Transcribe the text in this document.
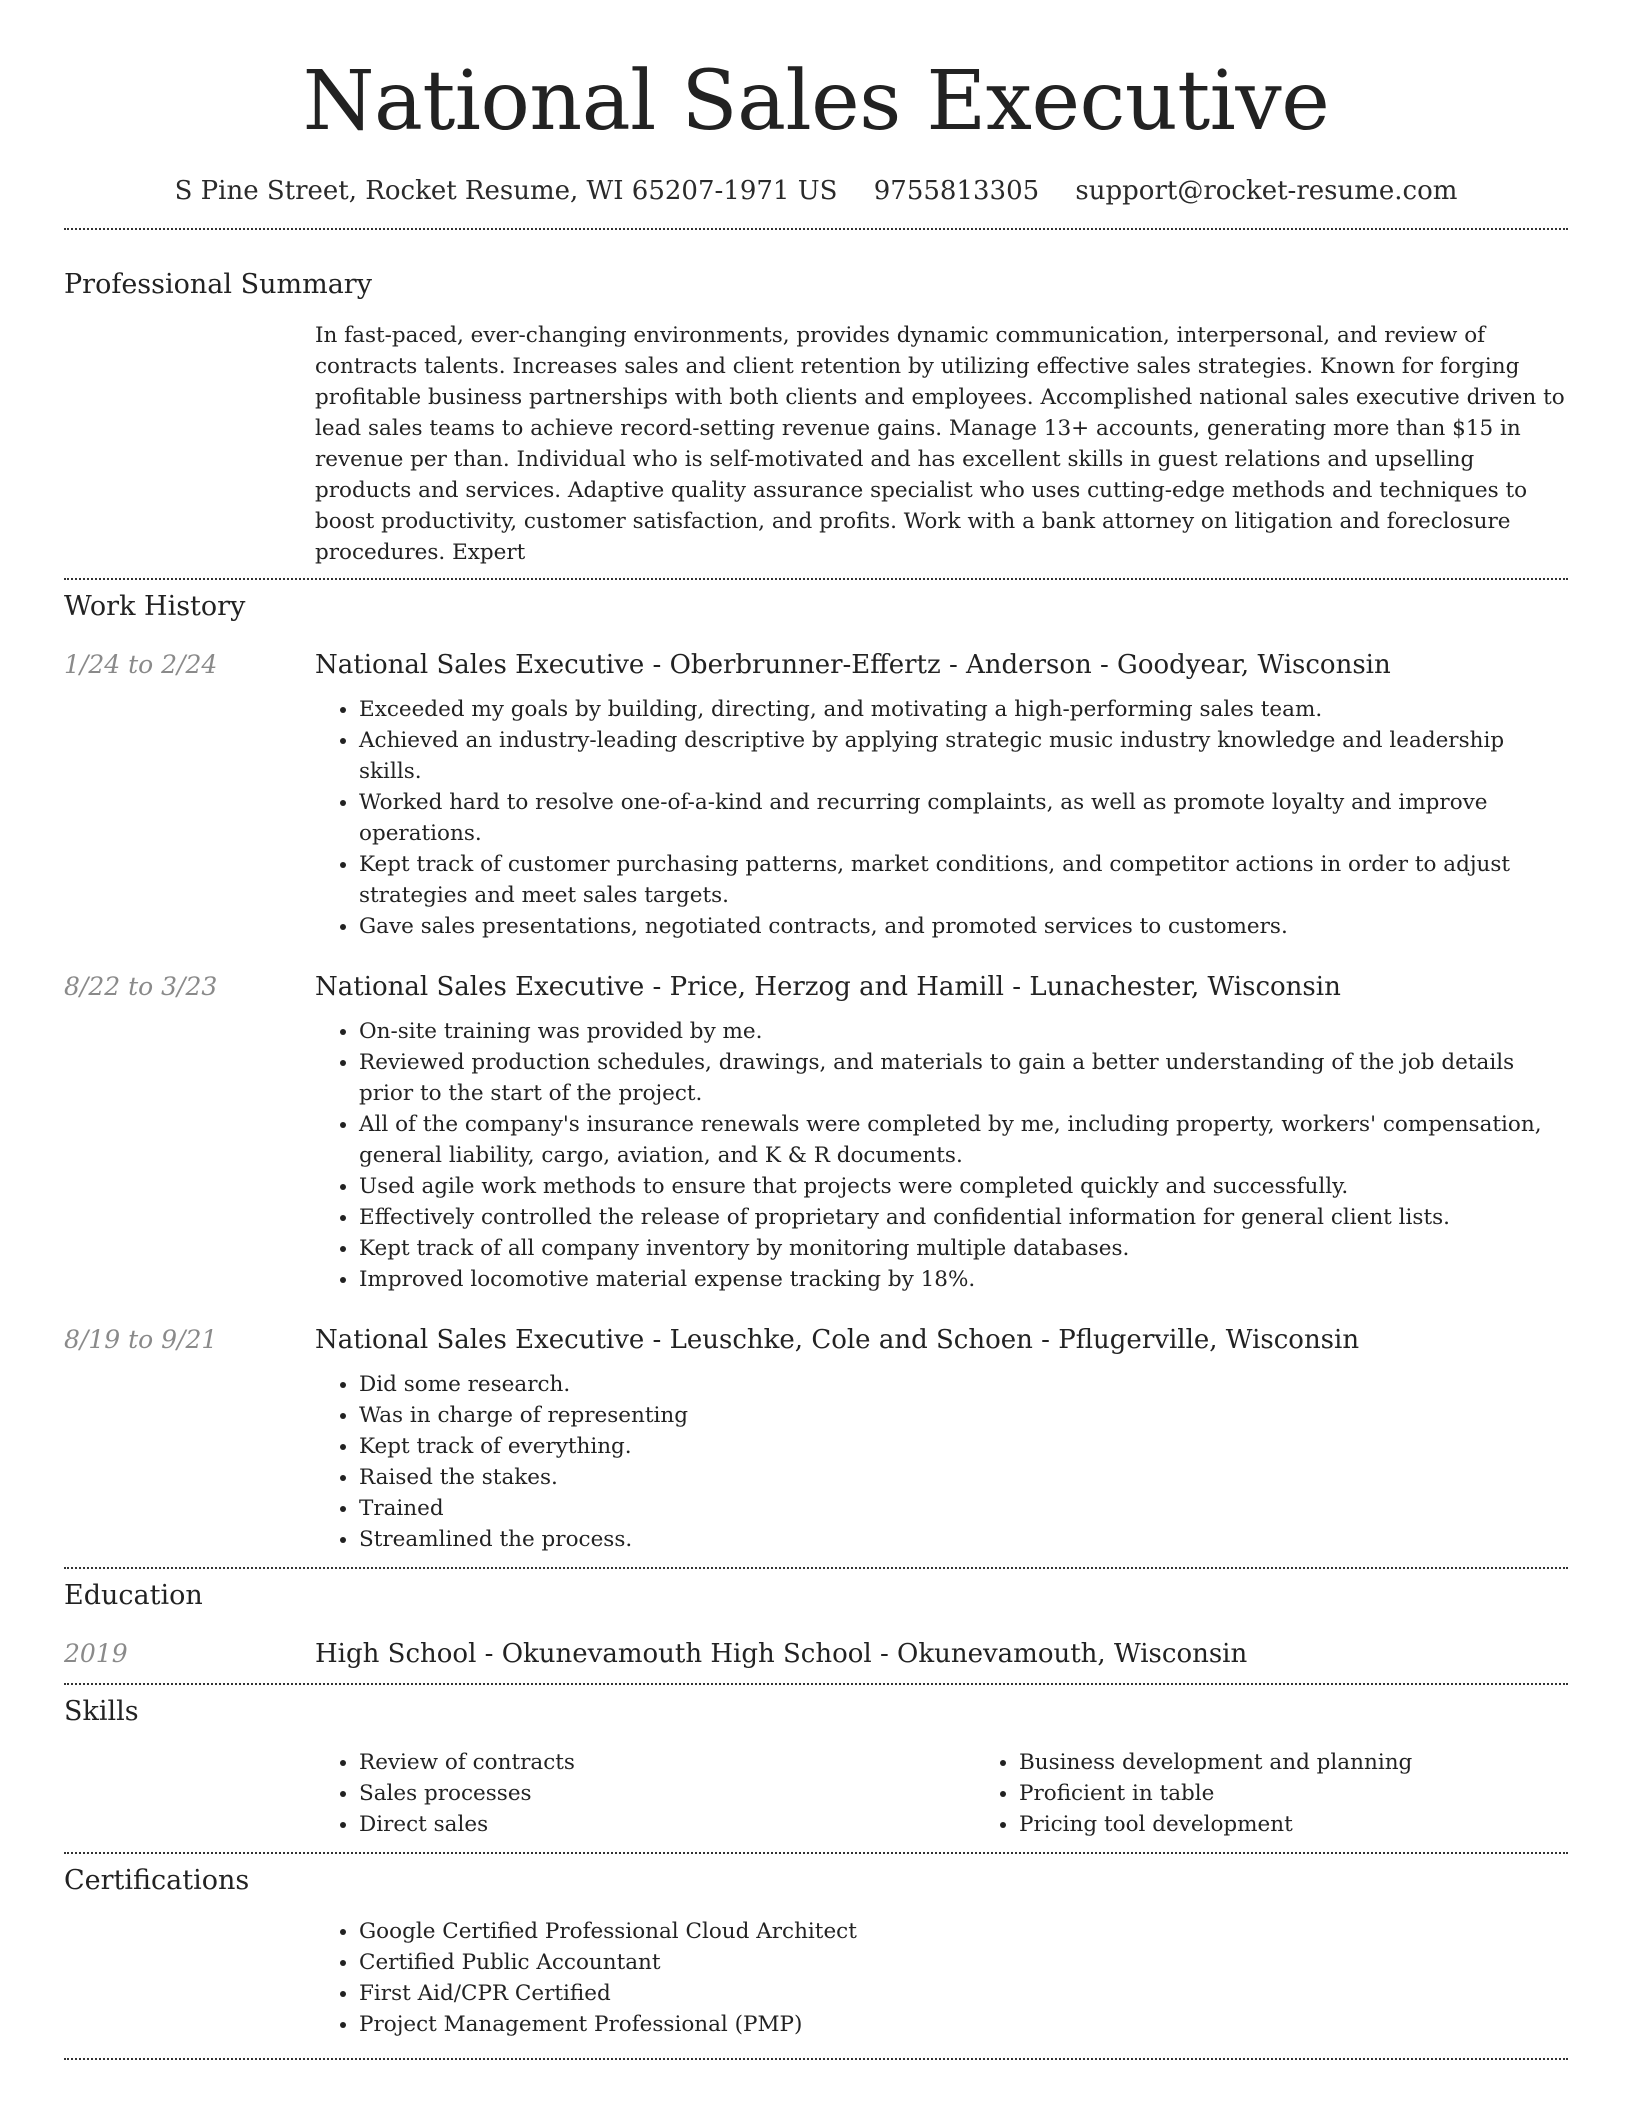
National Sales Executive
S Pine Street, Rocket Resume, WI 65207-1971 US 9755813305 support@rocket-resume.com
Professional Summary

In fast-paced, ever-changing environments, provides dynamic communication, interpersonal, and review of contracts talents. Increases sales and client retention by utilizing effective sales strategies. Known for forging profitable business partnerships with both clients and employees. Accomplished national sales executive driven to lead sales teams to achieve record-setting revenue gains. Manage 13+ accounts, generating more than $15 in revenue per than. Individual who is self-motivated and has excellent skills in guest relations and upselling products and services. Adaptive quality assurance specialist who uses cutting-edge methods and techniques to boost productivity, customer satisfaction, and profits. Work with a bank attorney on litigation and foreclosure procedures. Expert

Work History
1/24 to 2/24	National Sales Executive - Oberbrunner-Effertz - Anderson - Goodyear, Wisconsin
• Exceeded my goals by building, directing, and motivating a high-performing sales team.
• Achieved an industry-leading descriptive by applying strategic music industry knowledge and leadership skills.
• Worked hard to resolve one-of-a-kind and recurring complaints, as well as promote loyalty and improve operations.
• Kept track of customer purchasing patterns, market conditions, and competitor actions in order to adjust strategies and meet sales targets.
• Gave sales presentations, negotiated contracts, and promoted services to customers.
8/22 to 3/23	National Sales Executive - Price, Herzog and Hamill - Lunachester, Wisconsin
• On-site training was provided by me.
• Reviewed production schedules, drawings, and materials to gain a better understanding of the job details prior to the start of the project.
• All of the company's insurance renewals were completed by me, including property, workers' compensation, general liability, cargo, aviation, and K & R documents.
• Used agile work methods to ensure that projects were completed quickly and successfully.
• Effectively controlled the release of proprietary and confidential information for general client lists.
• Kept track of all company inventory by monitoring multiple databases.
• Improved locomotive material expense tracking by 18%.
8/19 to 9/21	National Sales Executive - Leuschke, Cole and Schoen - Pflugerville, Wisconsin
• Did some research.
• Was in charge of representing
• Kept track of everything.
• Raised the stakes.
• Trained
• Streamlined the process.
Education
2019	High School - Okunevamouth High School - Okunevamouth, Wisconsin
Skills
• Review of contracts
• Sales processes
• Direct sales
• Business development and planning
• Proficient in table
• Pricing tool development
Certifications
• Google Certified Professional Cloud Architect
• Certified Public Accountant
• First Aid/CPR Certified
• Project Management Professional (PMP)
